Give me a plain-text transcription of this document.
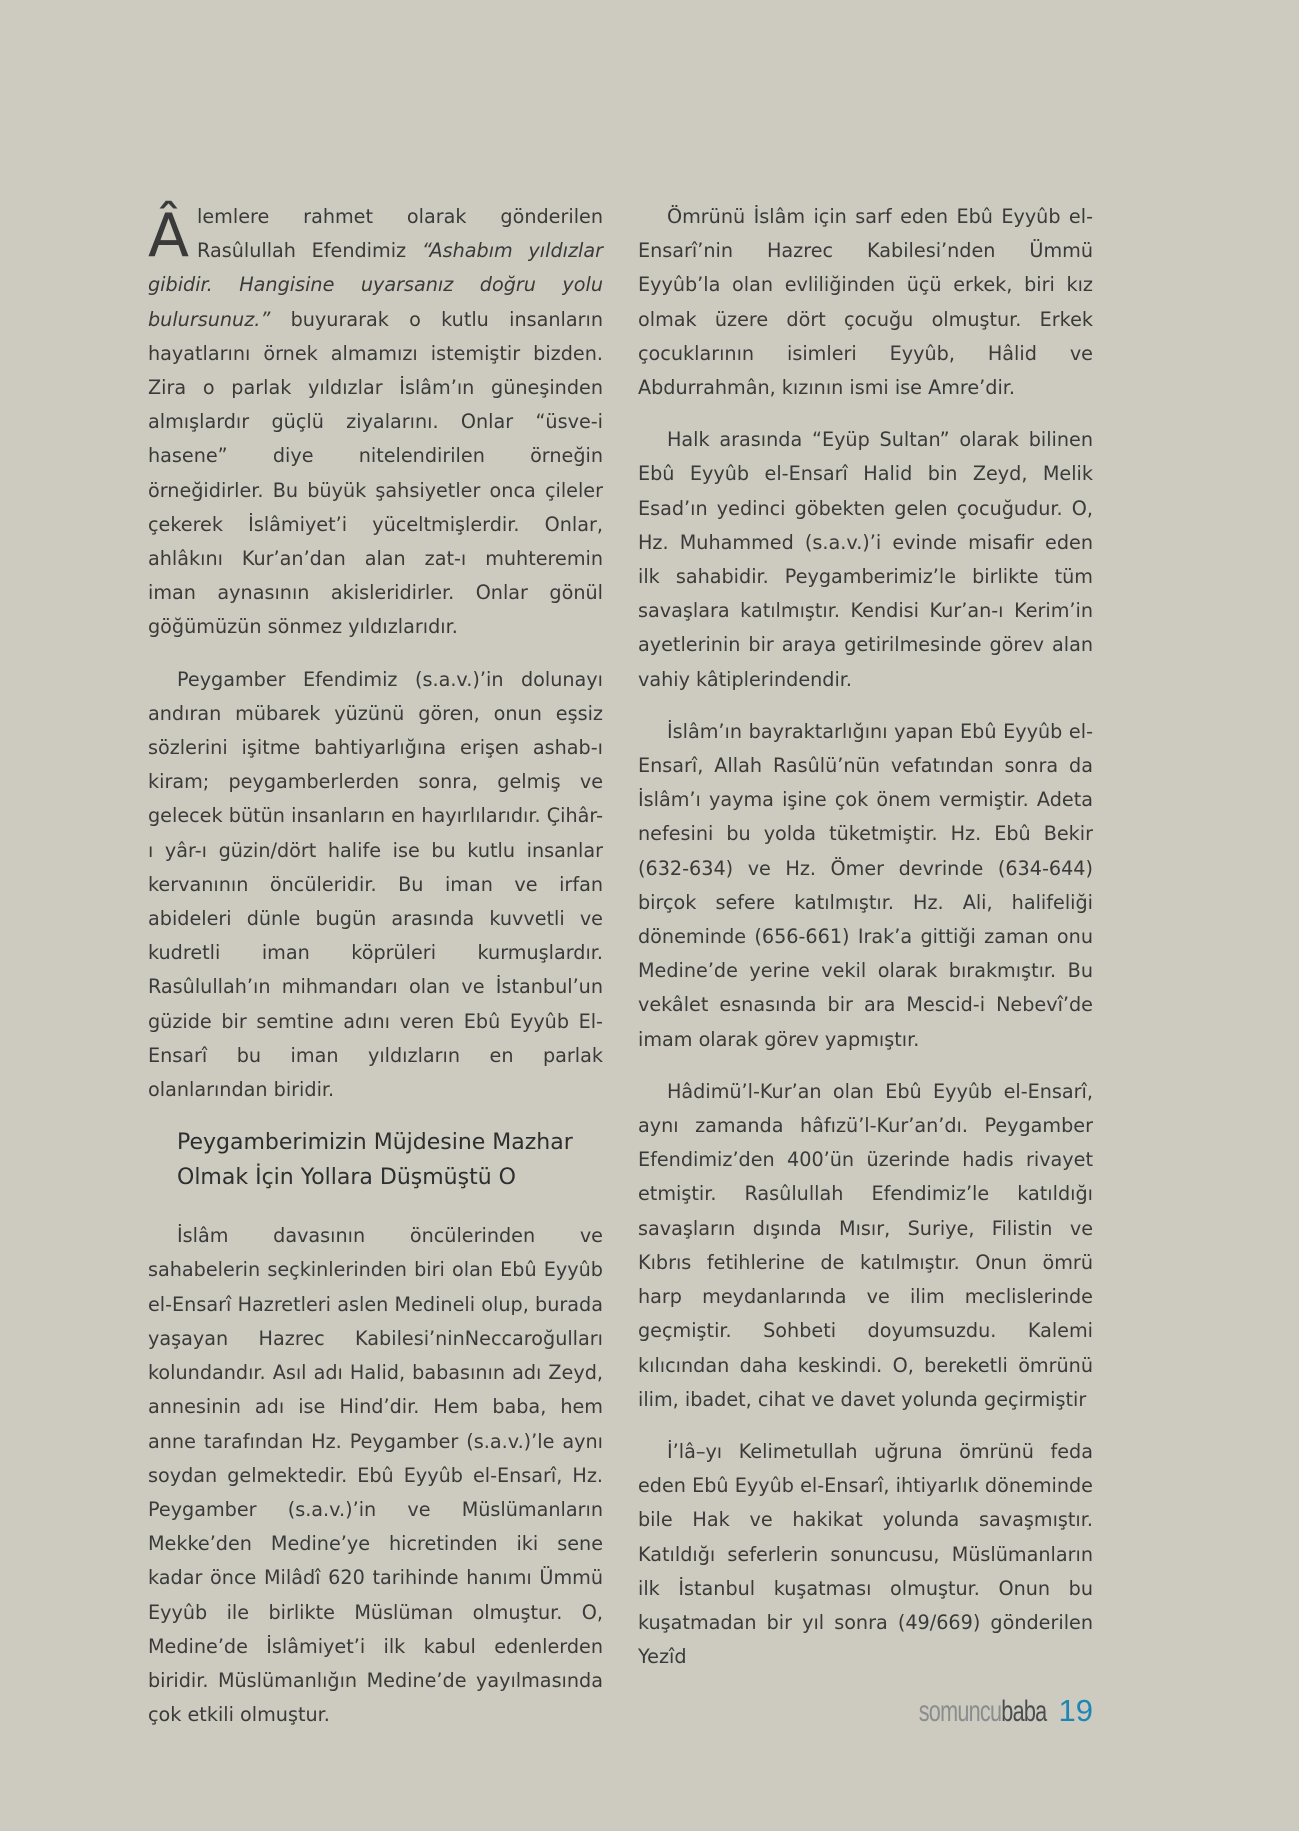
Âlemlere rahmet olarak gönderilen Rasûlullah Efendimiz “Ashabım yıldızlar gibidir. Hangisine uyarsanız doğru yolu bulursunuz.” buyurarak o kutlu insanların hayatlarını örnek almamızı istemiştir bizden. Zira o parlak yıldızlar İslâm’ın güneşinden almışlardır güçlü ziyalarını. Onlar “üsve-i hasene” diye nitelendirilen örneğin örneğidirler. Bu büyük şahsiyetler onca çileler çekerek İslâmiyet’i yüceltmişlerdir. Onlar, ahlâkını Kur’an’dan alan zat-ı muhteremin iman aynasının akisleridirler. Onlar gönül göğümüzün sönmez yıldızlarıdır.

Peygamber Efendimiz (s.a.v.)’in dolunayı andıran mübarek yüzünü gören, onun eşsiz sözlerini işitme bahtiyarlığına erişen ashab-ı kiram; peygamberlerden sonra, gelmiş ve gelecek bütün insanların en hayırlılarıdır. Çihâr-ı yâr-ı güzin/dört halife ise bu kutlu insanlar kervanının öncüleridir. Bu iman ve irfan abideleri dünle bugün arasında kuvvetli ve kudretli iman köprüleri kurmuşlardır. Rasûlullah’ın mihmandarı olan ve İstanbul’un güzide bir semtine adını veren Ebû Eyyûb El-Ensarî bu iman yıldızların en parlak olanlarından biridir.

Peygamberimizin Müjdesine Mazhar Olmak İçin Yollara Düşmüştü O

İslâm davasının öncülerinden ve sahabelerin seçkinlerinden biri olan Ebû Eyyûb el-Ensarî Hazretleri aslen Medineli olup, burada yaşayan Hazrec Kabilesi’ninNeccaroğulları kolundandır. Asıl adı Halid, babasının adı Zeyd, annesinin adı ise Hind’dir. Hem baba, hem anne tarafından Hz. Peygamber (s.a.v.)’le aynı soydan gelmektedir. Ebû Eyyûb el-Ensarî, Hz. Peygamber (s.a.v.)’in ve Müslümanların Mekke’den Medine’ye hicretinden iki sene kadar önce Milâdî 620 tarihinde hanımı Ümmü Eyyûb ile birlikte Müslüman olmuştur. O, Medine’de İslâmiyet’i ilk kabul edenlerden biridir. Müslümanlığın Medine’de yayılmasında çok etkili olmuştur.

Ömrünü İslâm için sarf eden Ebû Eyyûb el-Ensarî’nin Hazrec Kabilesi’nden Ümmü Eyyûb’la olan evliliğinden üçü erkek, biri kız olmak üzere dört çocuğu olmuştur. Erkek çocuklarının isimleri Eyyûb, Hâlid ve Abdurrahmân, kızının ismi ise Amre’dir.

Halk arasında “Eyüp Sultan” olarak bilinen Ebû Eyyûb el-Ensarî Halid bin Zeyd, Melik Esad’ın yedinci göbekten gelen çocuğudur. O, Hz. Muhammed (s.a.v.)’i evinde misafir eden ilk sahabidir. Peygamberimiz’le birlikte tüm savaşlara katılmıştır. Kendisi Kur’an-ı Kerim’in ayetlerinin bir araya getirilmesinde görev alan vahiy kâtiplerindendir.

İslâm’ın bayraktarlığını yapan Ebû Eyyûb el-Ensarî, Allah Rasûlü’nün vefatından sonra da İslâm’ı yayma işine çok önem vermiştir. Adeta nefesini bu yolda tüketmiştir. Hz. Ebû Bekir (632-634) ve Hz. Ömer devrinde (634-644) birçok sefere katılmıştır. Hz. Ali, halifeliği döneminde (656-661) Irak’a gittiği zaman onu Medine’de yerine vekil olarak bırakmıştır. Bu vekâlet esnasında bir ara Mescid-i Nebevî’de imam olarak görev yapmıştır.

Hâdimü’l-Kur’an olan Ebû Eyyûb el-Ensarî, aynı zamanda hâfızü’l-Kur’an’dı. Peygamber Efendimiz’den 400’ün üzerinde hadis rivayet etmiştir. Rasûlullah Efendimiz’le katıldığı savaşların dışında Mısır, Suriye, Filistin ve Kıbrıs fetihlerine de katılmıştır. Onun ömrü harp meydanlarında ve ilim meclislerinde geçmiştir. Sohbeti doyumsuzdu. Kalemi kılıcından daha keskindi. O, bereketli ömrünü ilim, ibadet, cihat ve davet yolunda geçirmiştir

İ’lâ–yı Kelimetullah uğruna ömrünü feda eden Ebû Eyyûb el-Ensarî, ihtiyarlık döneminde bile Hak ve hakikat yolunda savaşmıştır. Katıldığı seferlerin sonuncusu, Müslümanların ilk İstanbul kuşatması olmuştur. Onun bu kuşatmadan bir yıl sonra (49/669) gönderilen Yezîd

somuncubaba 19
